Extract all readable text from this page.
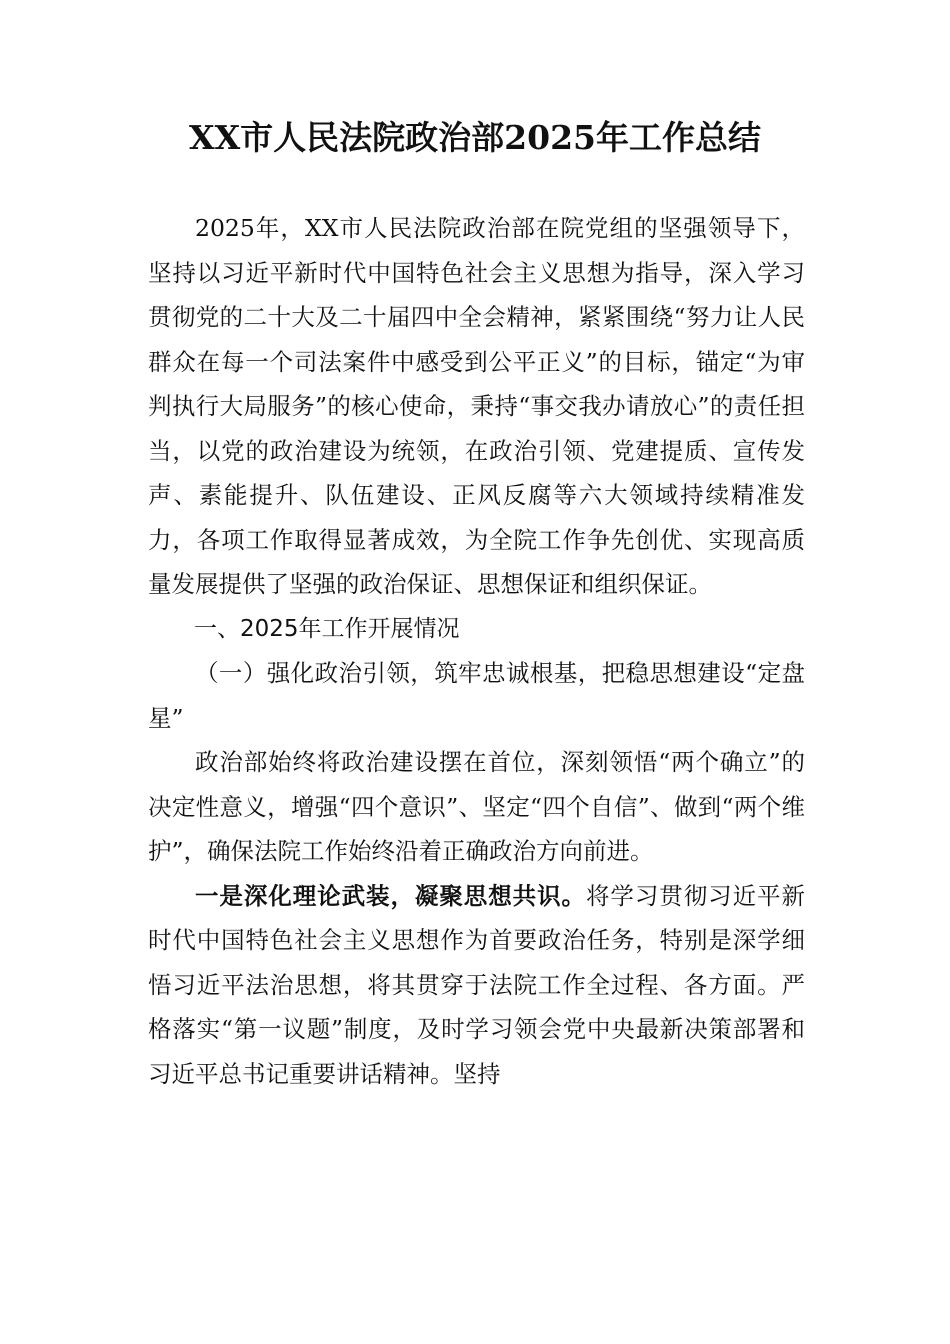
XX市人民法院政治部2025年工作总结

2025年，XX市人民法院政治部在院党组的坚强领导下，坚持以习近平新时代中国特色社会主义思想为指导，深入学习贯彻党的二十大及二十届四中全会精神，紧紧围绕“努力让人民群众在每一个司法案件中感受到公平正义”的目标，锚定“为审判执行大局服务”的核心使命，秉持“事交我办请放心”的责任担当，以党的政治建设为统领，在政治引领、党建提质、宣传发声、素能提升、队伍建设、正风反腐等六大领域持续精准发力，各项工作取得显著成效，为全院工作争先创优、实现高质量发展提供了坚强的政治保证、思想保证和组织保证。

一、2025年工作开展情况

（一）强化政治引领，筑牢忠诚根基，把稳思想建设“定盘星”

政治部始终将政治建设摆在首位，深刻领悟“两个确立”的决定性意义，增强“四个意识”、坚定“四个自信”、做到“两个维护”，确保法院工作始终沿着正确政治方向前进。

一是深化理论武装，凝聚思想共识。将学习贯彻习近平新时代中国特色社会主义思想作为首要政治任务，特别是深学细悟习近平法治思想，将其贯穿于法院工作全过程、各方面。严格落实“第一议题”制度，及时学习领会党中央最新决策部署和习近平总书记重要讲话精神。坚持
